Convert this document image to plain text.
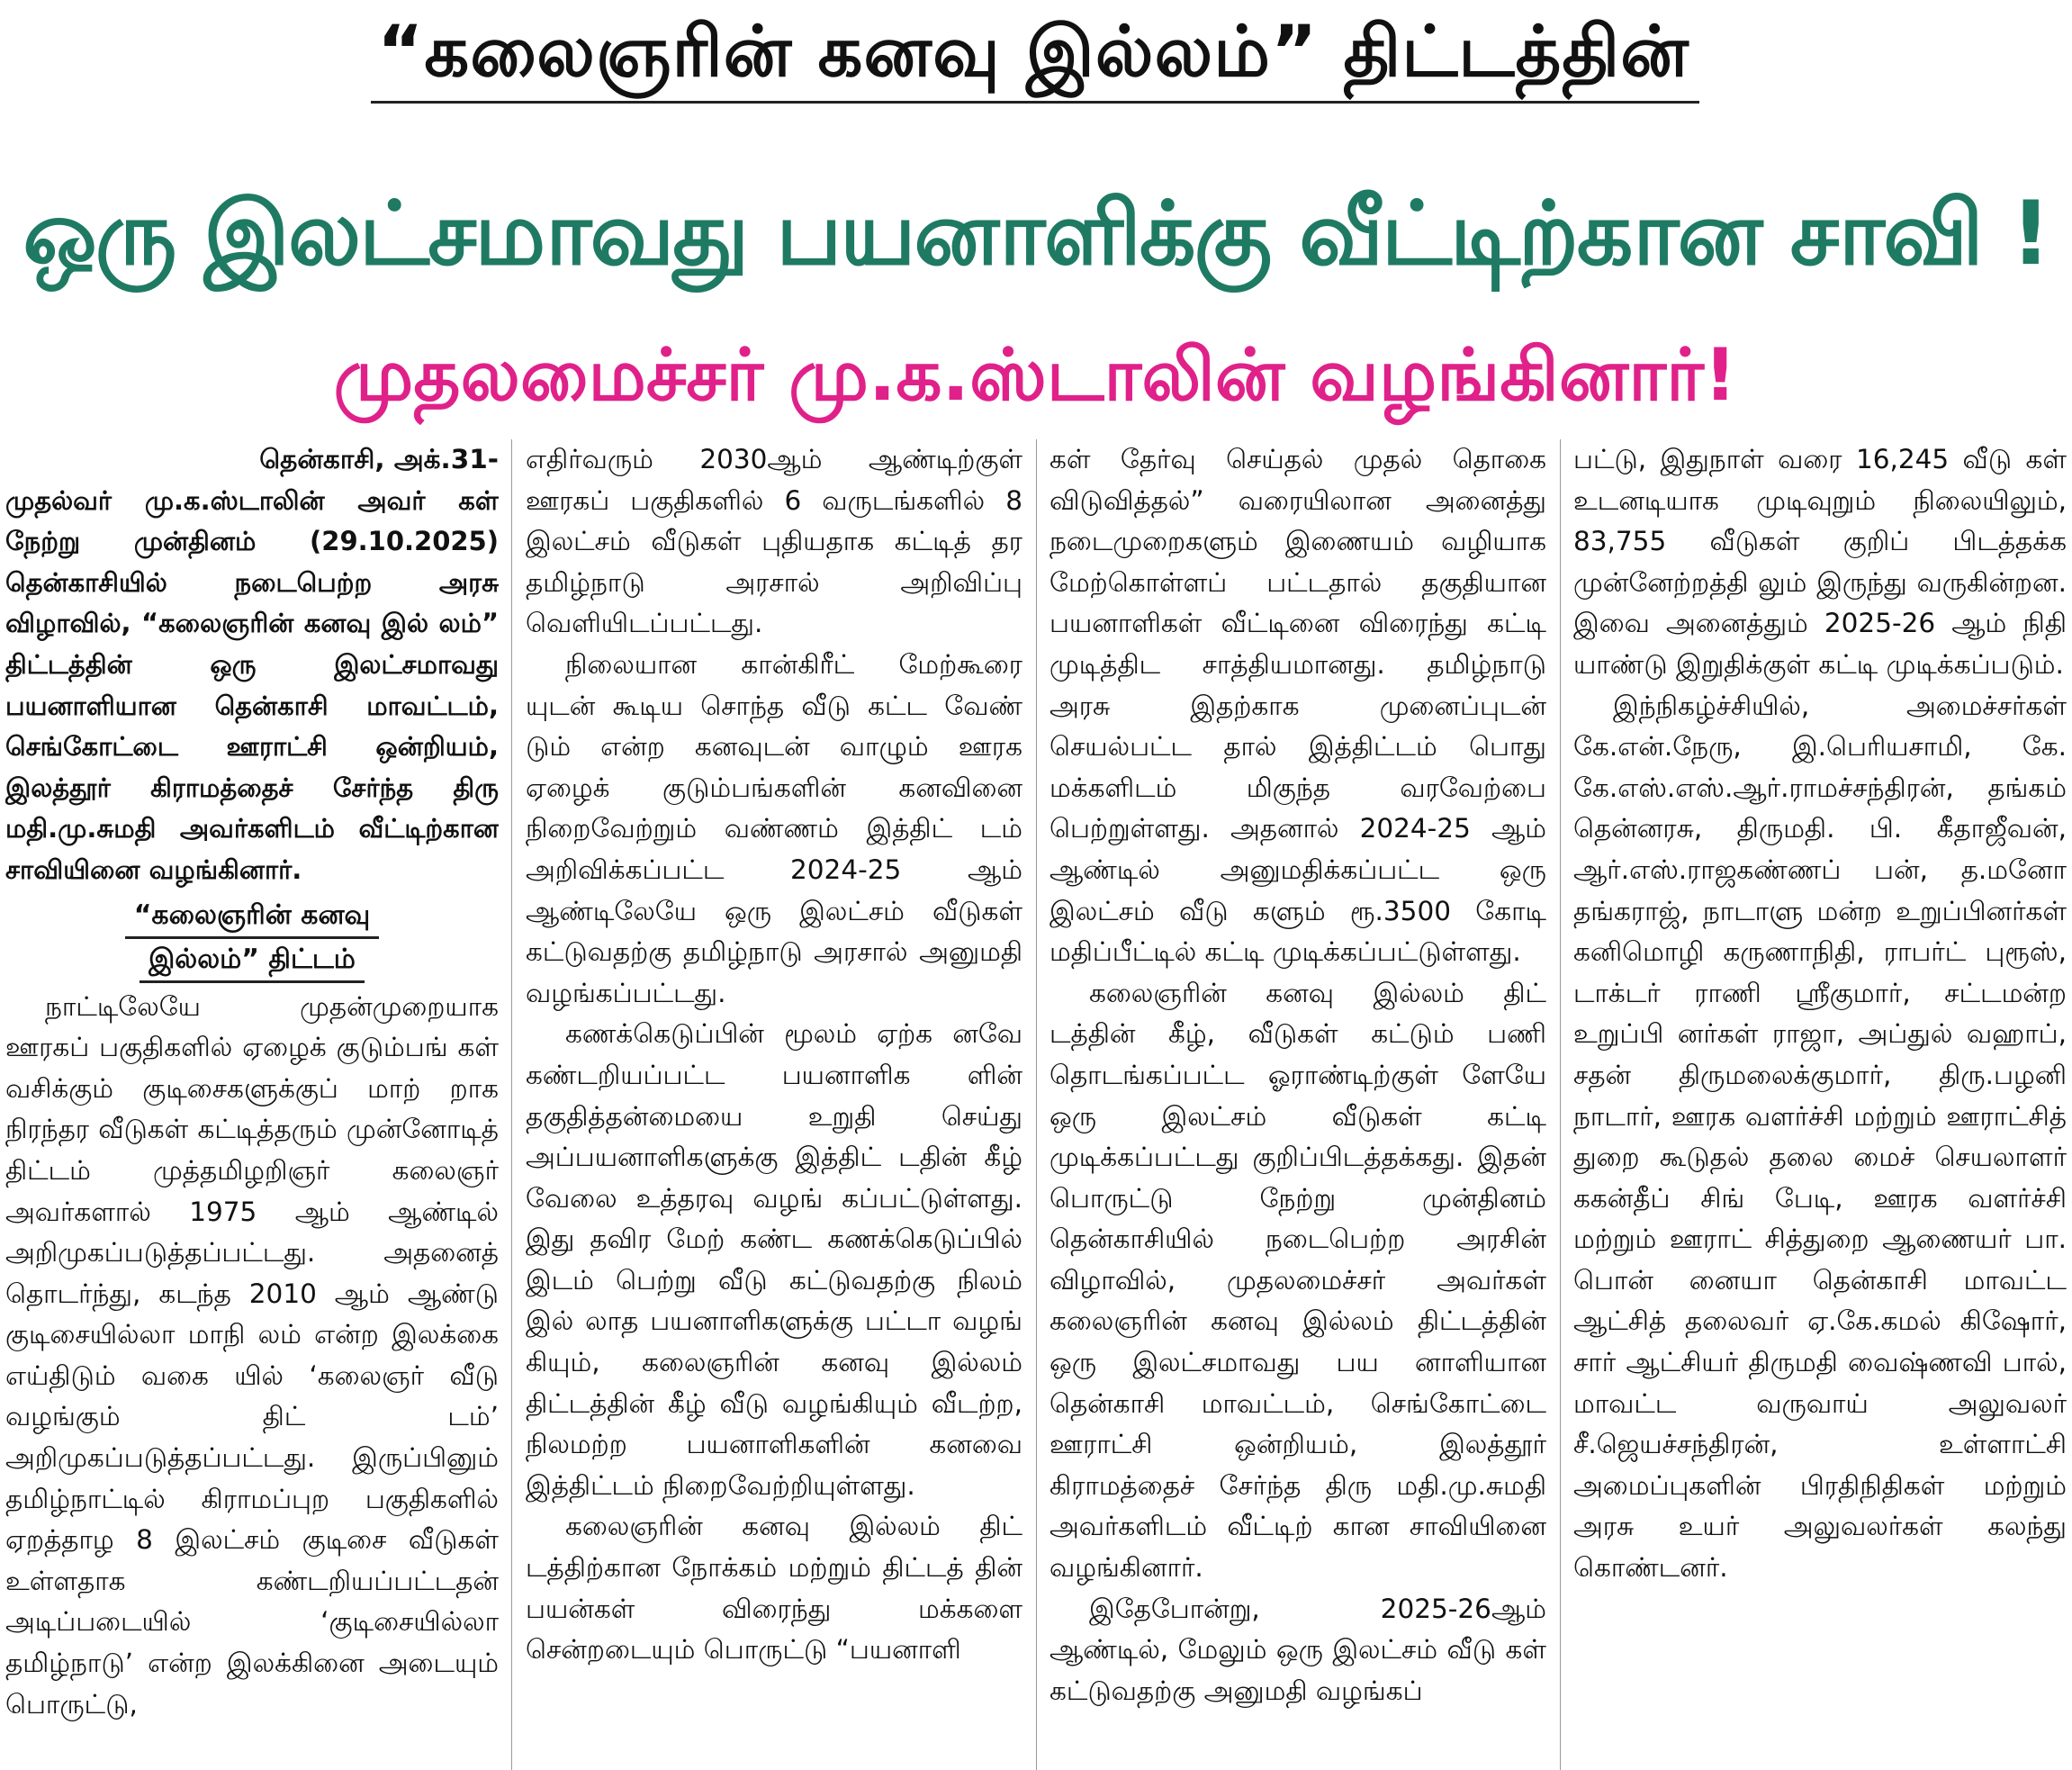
“கலைஞரின் கனவு இல்லம்” திட்டத்தின்
ஒரு இலட்சமாவது பயனாளிக்கு வீட்டிற்கான சாவி !
முதலமைச்சர் மு.க.ஸ்டாலின் வழங்கினார்!
தென்காசி, அக்.31-

முதல்வர் மு.க.ஸ்டாலின் அவர் கள் நேற்று முன்தினம் (29.10.2025) தென்காசியில் நடைபெற்ற அரசு விழாவில், “கலைஞரின் கனவு இல் லம்” திட்டத்தின் ஒரு இலட்சமாவது பயனாளியான தென்காசி மாவட்டம், செங்கோட்டை ஊராட்சி ஒன்றியம், இலத்தூர் கிராமத்தைச் சேர்ந்த திரு மதி.மு.சுமதி அவர்களிடம் வீட்டிற்கான சாவியினை வழங்கினார்.

“கலைஞரின் கனவு
இல்லம்” திட்டம்

நாட்டிலேயே முதன்முறையாக ஊரகப் பகுதிகளில் ஏழைக் குடும்பங் கள் வசிக்கும் குடிசைகளுக்குப் மாற் றாக நிரந்தர வீடுகள் கட்டித்தரும் முன்னோடித் திட்டம் முத்தமிழறிஞர் கலைஞர் அவர்களால் 1975 ஆம் ஆண்டில் அறிமுகப்படுத்தப்பட்டது. அதனைத் தொடர்ந்து, கடந்த 2010 ஆம் ஆண்டு குடிசையில்லா மாநி லம் என்ற இலக்கை எய்திடும் வகை யில் ‘கலைஞர் வீடு வழங்கும் திட் டம்’ அறிமுகப்படுத்தப்பட்டது. இருப்பினும் தமிழ்நாட்டில் கிராமப்புற பகுதிகளில் ஏறத்தாழ 8 இலட்சம் குடிசை வீடுகள் உள்ளதாக கண்டறியப்பட்டதன் அடிப்படையில் ‘குடிசையில்லா தமிழ்நாடு’ என்ற இலக்கினை அடையும் பொருட்டு,

எதிர்வரும் 2030ஆம் ஆண்டிற்குள் ஊரகப் பகுதிகளில் 6 வருடங்களில் 8 இலட்சம் வீடுகள் புதியதாக கட்டித் தர தமிழ்நாடு அரசால் அறிவிப்பு வெளியிடப்பட்டது.

நிலையான கான்கிரீட் மேற்கூரை யுடன் கூடிய சொந்த வீடு கட்ட வேண் டும் என்ற கனவுடன் வாழும் ஊரக ஏழைக் குடும்பங்களின் கனவினை நிறைவேற்றும் வண்ணம் இத்திட் டம் அறிவிக்கப்பட்ட 2024-25 ஆம் ஆண்டிலேயே ஒரு இலட்சம் வீடுகள் கட்டுவதற்கு தமிழ்நாடு அரசால் அனுமதி வழங்கப்பட்டது.

கணக்கெடுப்பின் மூலம் ஏற்க னவே கண்டறியப்பட்ட பயனாளிக ளின் தகுதித்தன்மையை உறுதி செய்து அப்பயனாளிகளுக்கு இத்திட் டதின் கீழ் வேலை உத்தரவு வழங் கப்பட்டுள்ளது. இது தவிர மேற் கண்ட கணக்கெடுப்பில் இடம் பெற்று வீடு கட்டுவதற்கு நிலம் இல் லாத பயனாளிகளுக்கு பட்டா வழங் கியும், கலைஞரின் கனவு இல்லம் திட்டத்தின் கீழ் வீடு வழங்கியும் வீடற்ற, நிலமற்ற பயனாளிகளின் கனவை இத்திட்டம் நிறைவேற்றியுள்ளது.

கலைஞரின் கனவு இல்லம் திட் டத்திற்கான நோக்கம் மற்றும் திட்டத் தின் பயன்கள் விரைந்து மக்களை சென்றடையும் பொருட்டு “பயனாளி

கள் தேர்வு செய்தல் முதல் தொகை விடுவித்தல்” வரையிலான அனைத்து நடைமுறைகளும் இணையம் வழியாக மேற்கொள்ளப் பட்டதால் தகுதியான பயனாளிகள் வீட்டினை விரைந்து கட்டி முடித்திட சாத்தியமானது. தமிழ்நாடு அரசு இதற்காக முனைப்புடன் செயல்பட்ட தால் இத்திட்டம் பொது மக்களிடம் மிகுந்த வரவேற்பை பெற்றுள்ளது. அதனால் 2024-25 ஆம் ஆண்டில் அனுமதிக்கப்பட்ட ஒரு இலட்சம் வீடு களும் ரூ.3500 கோடி மதிப்பீட்டில் கட்டி முடிக்கப்பட்டுள்ளது.

கலைஞரின் கனவு இல்லம் திட் டத்தின் கீழ், வீடுகள் கட்டும் பணி தொடங்கப்பட்ட ஓராண்டிற்குள் ளேயே ஒரு இலட்சம் வீடுகள் கட்டி முடிக்கப்பட்டது குறிப்பிடத்தக்கது. இதன் பொருட்டு நேற்று முன்தினம் தென்காசியில் நடைபெற்ற அரசின் விழாவில், முதலமைச்சர் அவர்கள் கலைஞரின் கனவு இல்லம் திட்டத்தின் ஒரு இலட்சமாவது பய னாளியான தென்காசி மாவட்டம், செங்கோட்டை ஊராட்சி ஒன்றியம், இலத்தூர் கிராமத்தைச் சேர்ந்த திரு மதி.மு.சுமதி அவர்களிடம் வீட்டிற் கான சாவியினை வழங்கினார்.

இதேபோன்று, 2025-26ஆம் ஆண்டில், மேலும் ஒரு இலட்சம் வீடு கள் கட்டுவதற்கு அனுமதி வழங்கப்

பட்டு, இதுநாள் வரை 16,245 வீடு கள் உடனடியாக முடிவுறும் நிலையிலும், 83,755 வீடுகள் குறிப் பிடத்தக்க முன்னேற்றத்தி லும் இருந்து வருகின்றன. இவை அனைத்தும் 2025-26 ஆம் நிதி யாண்டு இறுதிக்குள் கட்டி முடிக்கப்படும்.

இந்நிகழ்ச்சியில், அமைச்சர்கள் கே.என்.நேரு, இ.பெரியசாமி, கே. கே.எஸ்.எஸ்.ஆர்.ராமச்சந்திரன், தங்கம் தென்னரசு, திருமதி. பி. கீதாஜீவன், ஆர்.எஸ்.ராஜகண்ணப் பன், த.மனோ தங்கராஜ், நாடாளு மன்ற உறுப்பினர்கள் கனிமொழி கருணாநிதி, ராபர்ட் புரூஸ், டாக்டர் ராணி ஸ்ரீகுமார், சட்டமன்ற உறுப்பி னர்கள் ராஜா, அப்துல் வஹாப், சதன் திருமலைக்குமார், திரு.பழனி நாடார், ஊரக வளர்ச்சி மற்றும் ஊராட்சித் துறை கூடுதல் தலை மைச் செயலாளர் ககன்தீப் சிங் பேடி, ஊரக வளர்ச்சி மற்றும் ஊராட் சித்துறை ஆணையர் பா. பொன் னையா தென்காசி மாவட்ட ஆட்சித் தலைவர் ஏ.கே.கமல் கிஷோர், சார் ஆட்சியர் திருமதி வைஷ்ணவி பால், மாவட்ட வருவாய் அலுவலர் சீ.ஜெயச்சந்திரன், உள்ளாட்சி அமைப்புகளின் பிரதிநிதிகள் மற்றும் அரசு உயர் அலுவலர்கள் கலந்து கொண்டனர்.
